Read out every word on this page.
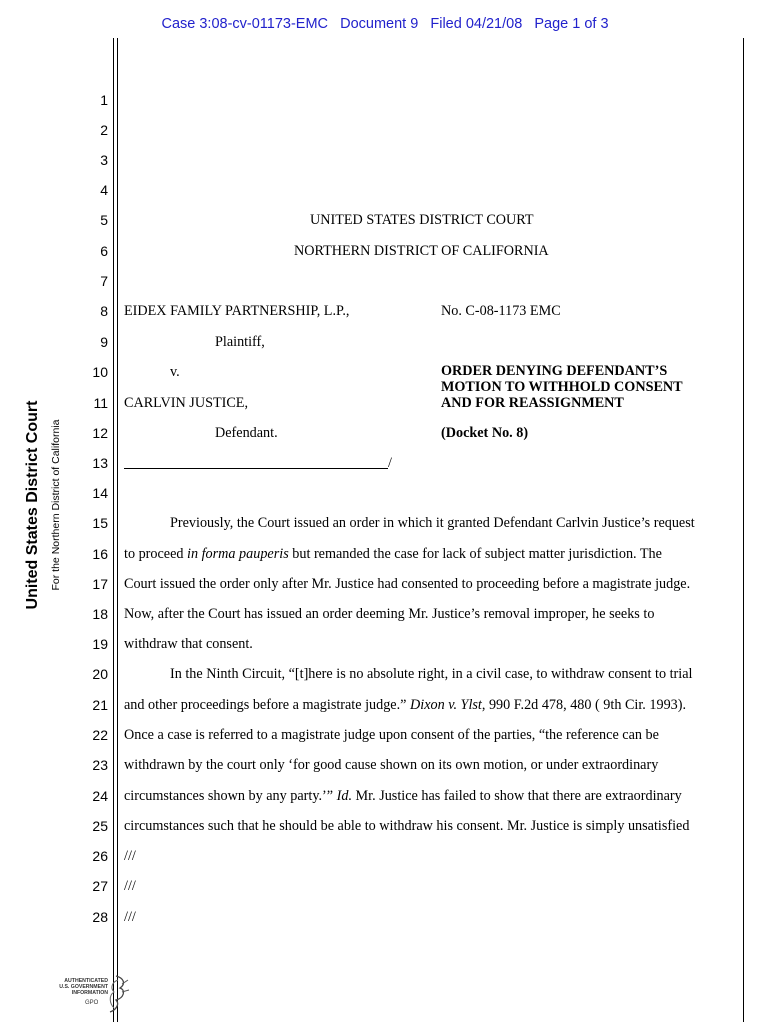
Case 3:08-cv-01173-EMC   Document 9   Filed 04/21/08   Page 1 of 3
United States District Court For the Northern District of California
1
2
3
4
5
6
7
8
9
10
11
12
13
14
15
16
17
18
19
20
21
22
23
24
25
26
27
28
UNITED STATES DISTRICT COURT
NORTHERN DISTRICT OF CALIFORNIA
EIDEX FAMILY PARTNERSHIP, L.P.,	No. C-08-1173 EMC
Plaintiff,
v.	ORDER DENYING DEFENDANT’S
MOTION TO WITHHOLD CONSENT
AND FOR REASSIGNMENT
CARLVIN JUSTICE,
Defendant.	(Docket No. 8)
/
Previously, the Court issued an order in which it granted Defendant Carlvin Justice’s request
to proceed in forma pauperis but remanded the case for lack of subject matter jurisdiction. The
Court issued the order only after Mr. Justice had consented to proceeding before a magistrate judge.
Now, after the Court has issued an order deeming Mr. Justice’s removal improper, he seeks to
withdraw that consent.
In the Ninth Circuit, “[t]here is no absolute right, in a civil case, to withdraw consent to trial
and other proceedings before a magistrate judge.” Dixon v. Ylst, 990 F.2d 478, 480 ( 9th Cir. 1993).
Once a case is referred to a magistrate judge upon consent of the parties, “the reference can be
withdrawn by the court only ‘for good cause shown on its own motion, or under extraordinary
circumstances shown by any party.’” Id. Mr. Justice has failed to show that there are extraordinary
circumstances such that he should be able to withdraw his consent. Mr. Justice is simply unsatisfied
///
///
///
AUTHENTICATED
U.S. GOVERNMENT
INFORMATION
GPO
